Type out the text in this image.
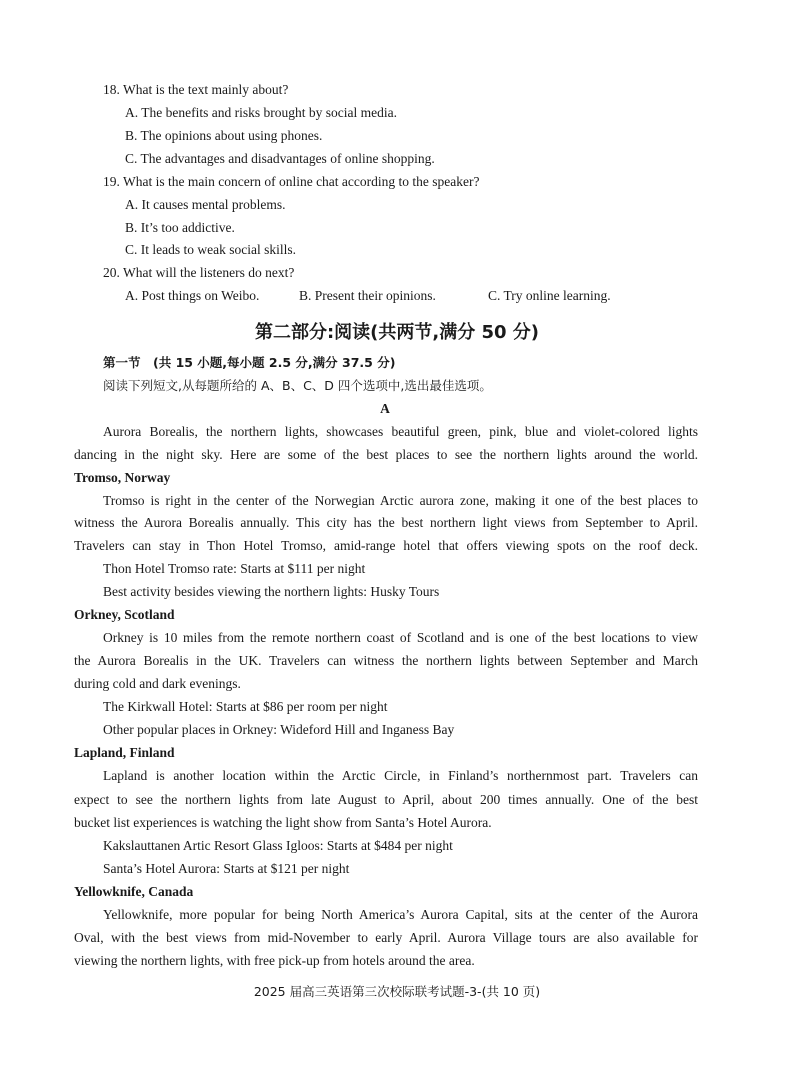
18. What is the text mainly about?
A. The benefits and risks brought by social media.
B. The opinions about using phones.
C. The advantages and disadvantages of online shopping.
19. What is the main concern of online chat according to the speaker?
A. It causes mental problems.
B. It’s too addictive.
C. It leads to weak social skills.
20. What will the listeners do next?
A. Post things on Weibo.	B. Present their opinions.	C. Try online learning.
第二部分:阅读(共两节,满分 50 分)
第一节　(共 15 小题,每小题 2.5 分,满分 37.5 分)
阅读下列短文,从每题所给的 A、B、C、D 四个选项中,选出最佳选项。
A
Aurora Borealis, the northern lights, showcases beautiful green, pink, blue and violet-colored lights
dancing in the night sky. Here are some of the best places to see the northern lights around the world.
Tromso, Norway
Tromso is right in the center of the Norwegian Arctic aurora zone, making it one of the best places to
witness the Aurora Borealis annually. This city has the best northern light views from September to April.
Travelers can stay in Thon Hotel Tromso, amid-range hotel that offers viewing spots on the roof deck.
Thon Hotel Tromso rate: Starts at $111 per night
Best activity besides viewing the northern lights: Husky Tours
Orkney, Scotland
Orkney is 10 miles from the remote northern coast of Scotland and is one of the best locations to view
the Aurora Borealis in the UK. Travelers can witness the northern lights between September and March
during cold and dark evenings.
The Kirkwall Hotel: Starts at $86 per room per night
Other popular places in Orkney: Wideford Hill and Inganess Bay
Lapland, Finland
Lapland is another location within the Arctic Circle, in Finland’s northernmost part. Travelers can
expect to see the northern lights from late August to April, about 200 times annually. One of the best
bucket list experiences is watching the light show from Santa’s Hotel Aurora.
Kakslauttanen Artic Resort Glass Igloos: Starts at $484 per night
Santa’s Hotel Aurora: Starts at $121 per night
Yellowknife, Canada
Yellowknife, more popular for being North America’s Aurora Capital, sits at the center of the Aurora
Oval, with the best views from mid-November to early April. Aurora Village tours are also available for
viewing the northern lights, with free pick-up from hotels around the area.
2025 届高三英语第三次校际联考试题-3-(共 10 页)
